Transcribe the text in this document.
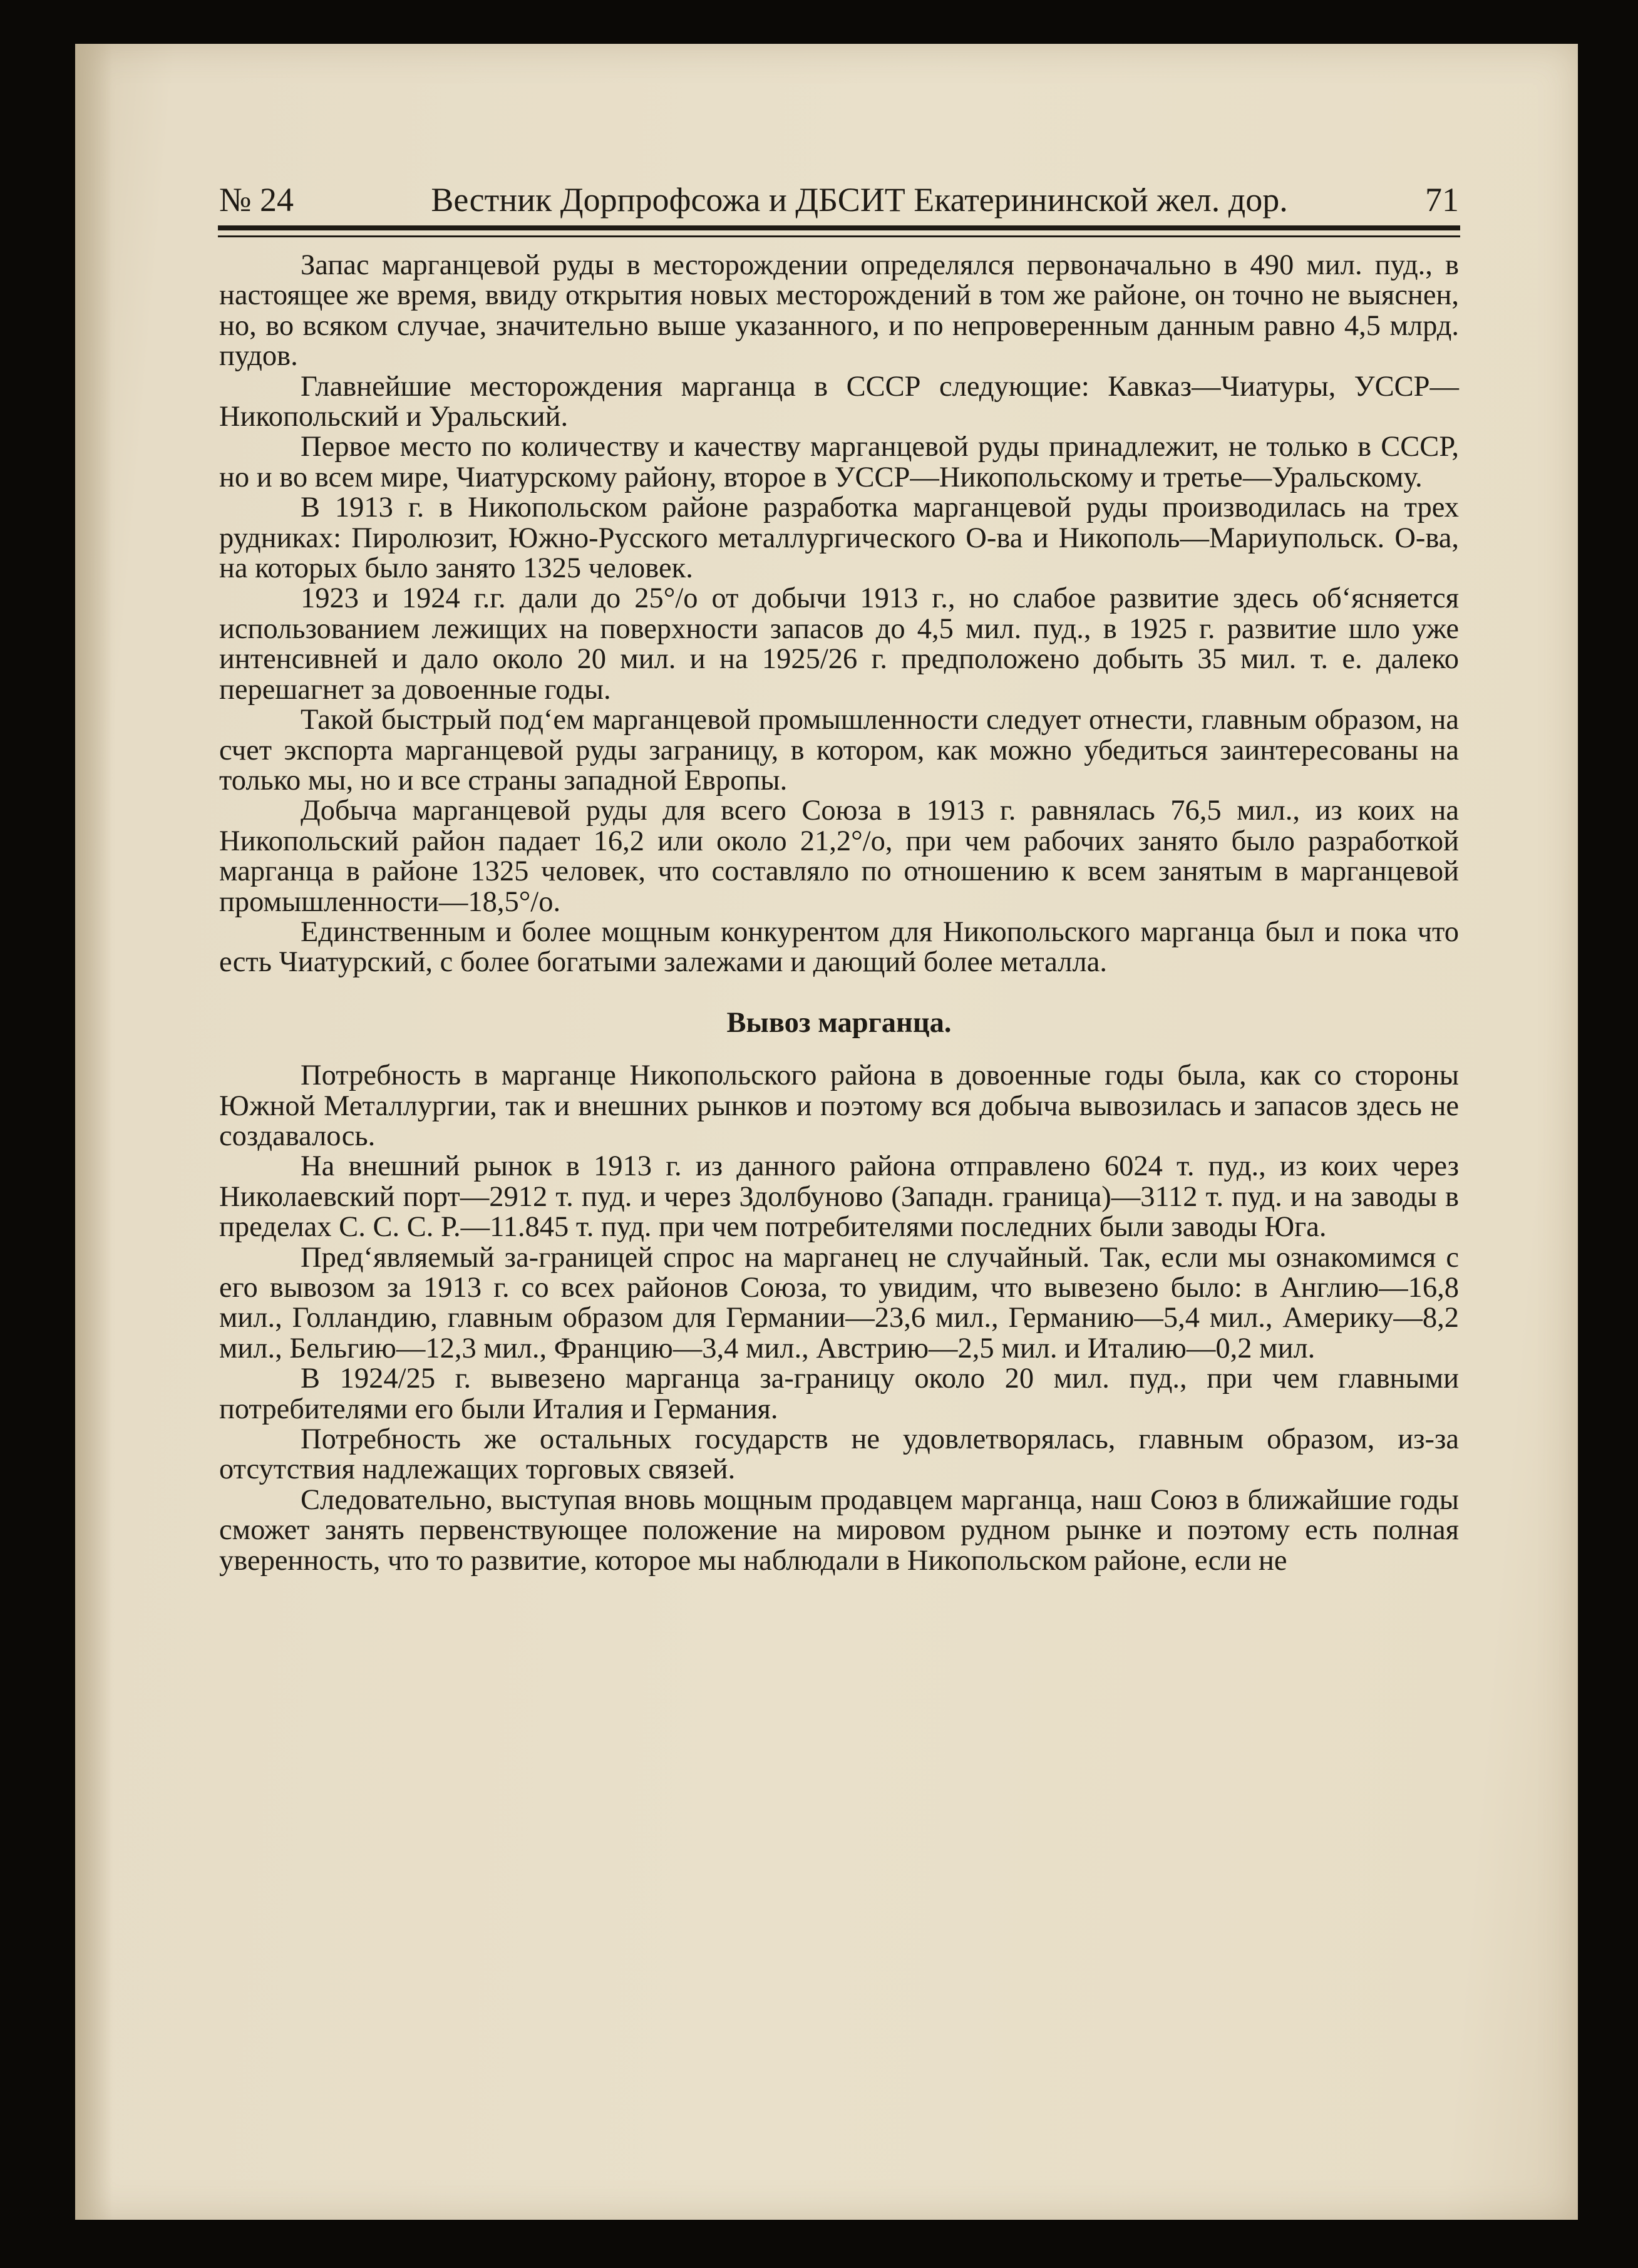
№ 24	Вестник Дорпрофсожа и ДБСИТ Екатерининской жел. дор.	71

Запас марганцевой руды в месторождении определялся первоначально в 490 мил. пуд., в настоящее же время, ввиду открытия новых месторождений в том же районе, он точно не выяснен, но, во всяком случае, значительно выше указанного, и по непроверенным данным равно 4,5 млрд. пудов.

Главнейшие месторождения марганца в СССР следующие: Кавказ—Чиатуры, УССР—Никопольский и Уральский.

Первое место по количеству и качеству марганцевой руды принадлежит, не только в СССР, но и во всем мире, Чиатурскому району, второе в УССР—Никопольскому и третье—Уральскому.

В 1913 г. в Никопольском районе разработка марганцевой руды производилась на трех рудниках: Пиролюзит, Южно-Русского металлургического О-ва и Никополь—Мариупольск. О-ва, на которых было занято 1325 человек.

1923 и 1924 г.г. дали до 25°/о от добычи 1913 г., но слабое развитие здесь об‘ясняется использованием лежищих на поверхности запасов до 4,5 мил. пуд., в 1925 г. развитие шло уже интенсивней и дало около 20 мил. и на 1925/26 г. предположено добыть 35 мил. т. е. далеко перешагнет за довоенные годы.

Такой быстрый под‘ем марганцевой промышленности следует отнести, главным образом, на счет экспорта марганцевой руды заграницу, в котором, как можно убедиться заинтересованы на только мы, но и все страны западной Европы.

Добыча марганцевой руды для всего Союза в 1913 г. равнялась 76,5 мил., из коих на Никопольский район падает 16,2 или около 21,2°/о, при чем рабочих занято было разработкой марганца в районе 1325 человек, что составляло по отношению к всем занятым в марганцевой промышленности—18,5°/о.

Единственным и более мощным конкурентом для Никопольского марганца был и пока что есть Чиатурский, с более богатыми залежами и дающий более металла.

Вывоз марганца.

Потребность в марганце Никопольского района в довоенные годы была, как со стороны Южной Металлургии, так и внешних рынков и поэтому вся добыча вывозилась и запасов здесь не создавалось.

На внешний рынок в 1913 г. из данного района отправлено 6024 т. пуд., из коих через Николаевский порт—2912 т. пуд. и через Здолбуново (Западн. граница)—3112 т. пуд. и на заводы в пределах С. С. С. Р.—11.845 т. пуд. при чем потребителями последних были заводы Юга.

Пред‘являемый за-границей спрос на марганец не случайный. Так, если мы ознакомимся с его вывозом за 1913 г. со всех районов Союза, то увидим, что вывезено было: в Англию—16,8 мил., Голландию, главным образом для Германии—23,6 мил., Германию—5,4 мил., Америку—8,2 мил., Бельгию—12,3 мил., Францию—3,4 мил., Австрию—2,5 мил. и Италию—0,2 мил.

В 1924/25 г. вывезено марганца за-границу около 20 мил. пуд., при чем главными потребителями его были Италия и Германия.

Потребность же остальных государств не удовлетворялась, главным образом, из-за отсутствия надлежащих торговых связей.

Следовательно, выступая вновь мощным продавцем марганца, наш Союз в ближайшие годы сможет занять первенствующее положение на мировом рудном рынке и поэтому есть полная уверенность, что то развитие, которое мы наблюдали в Никопольском районе, если не
